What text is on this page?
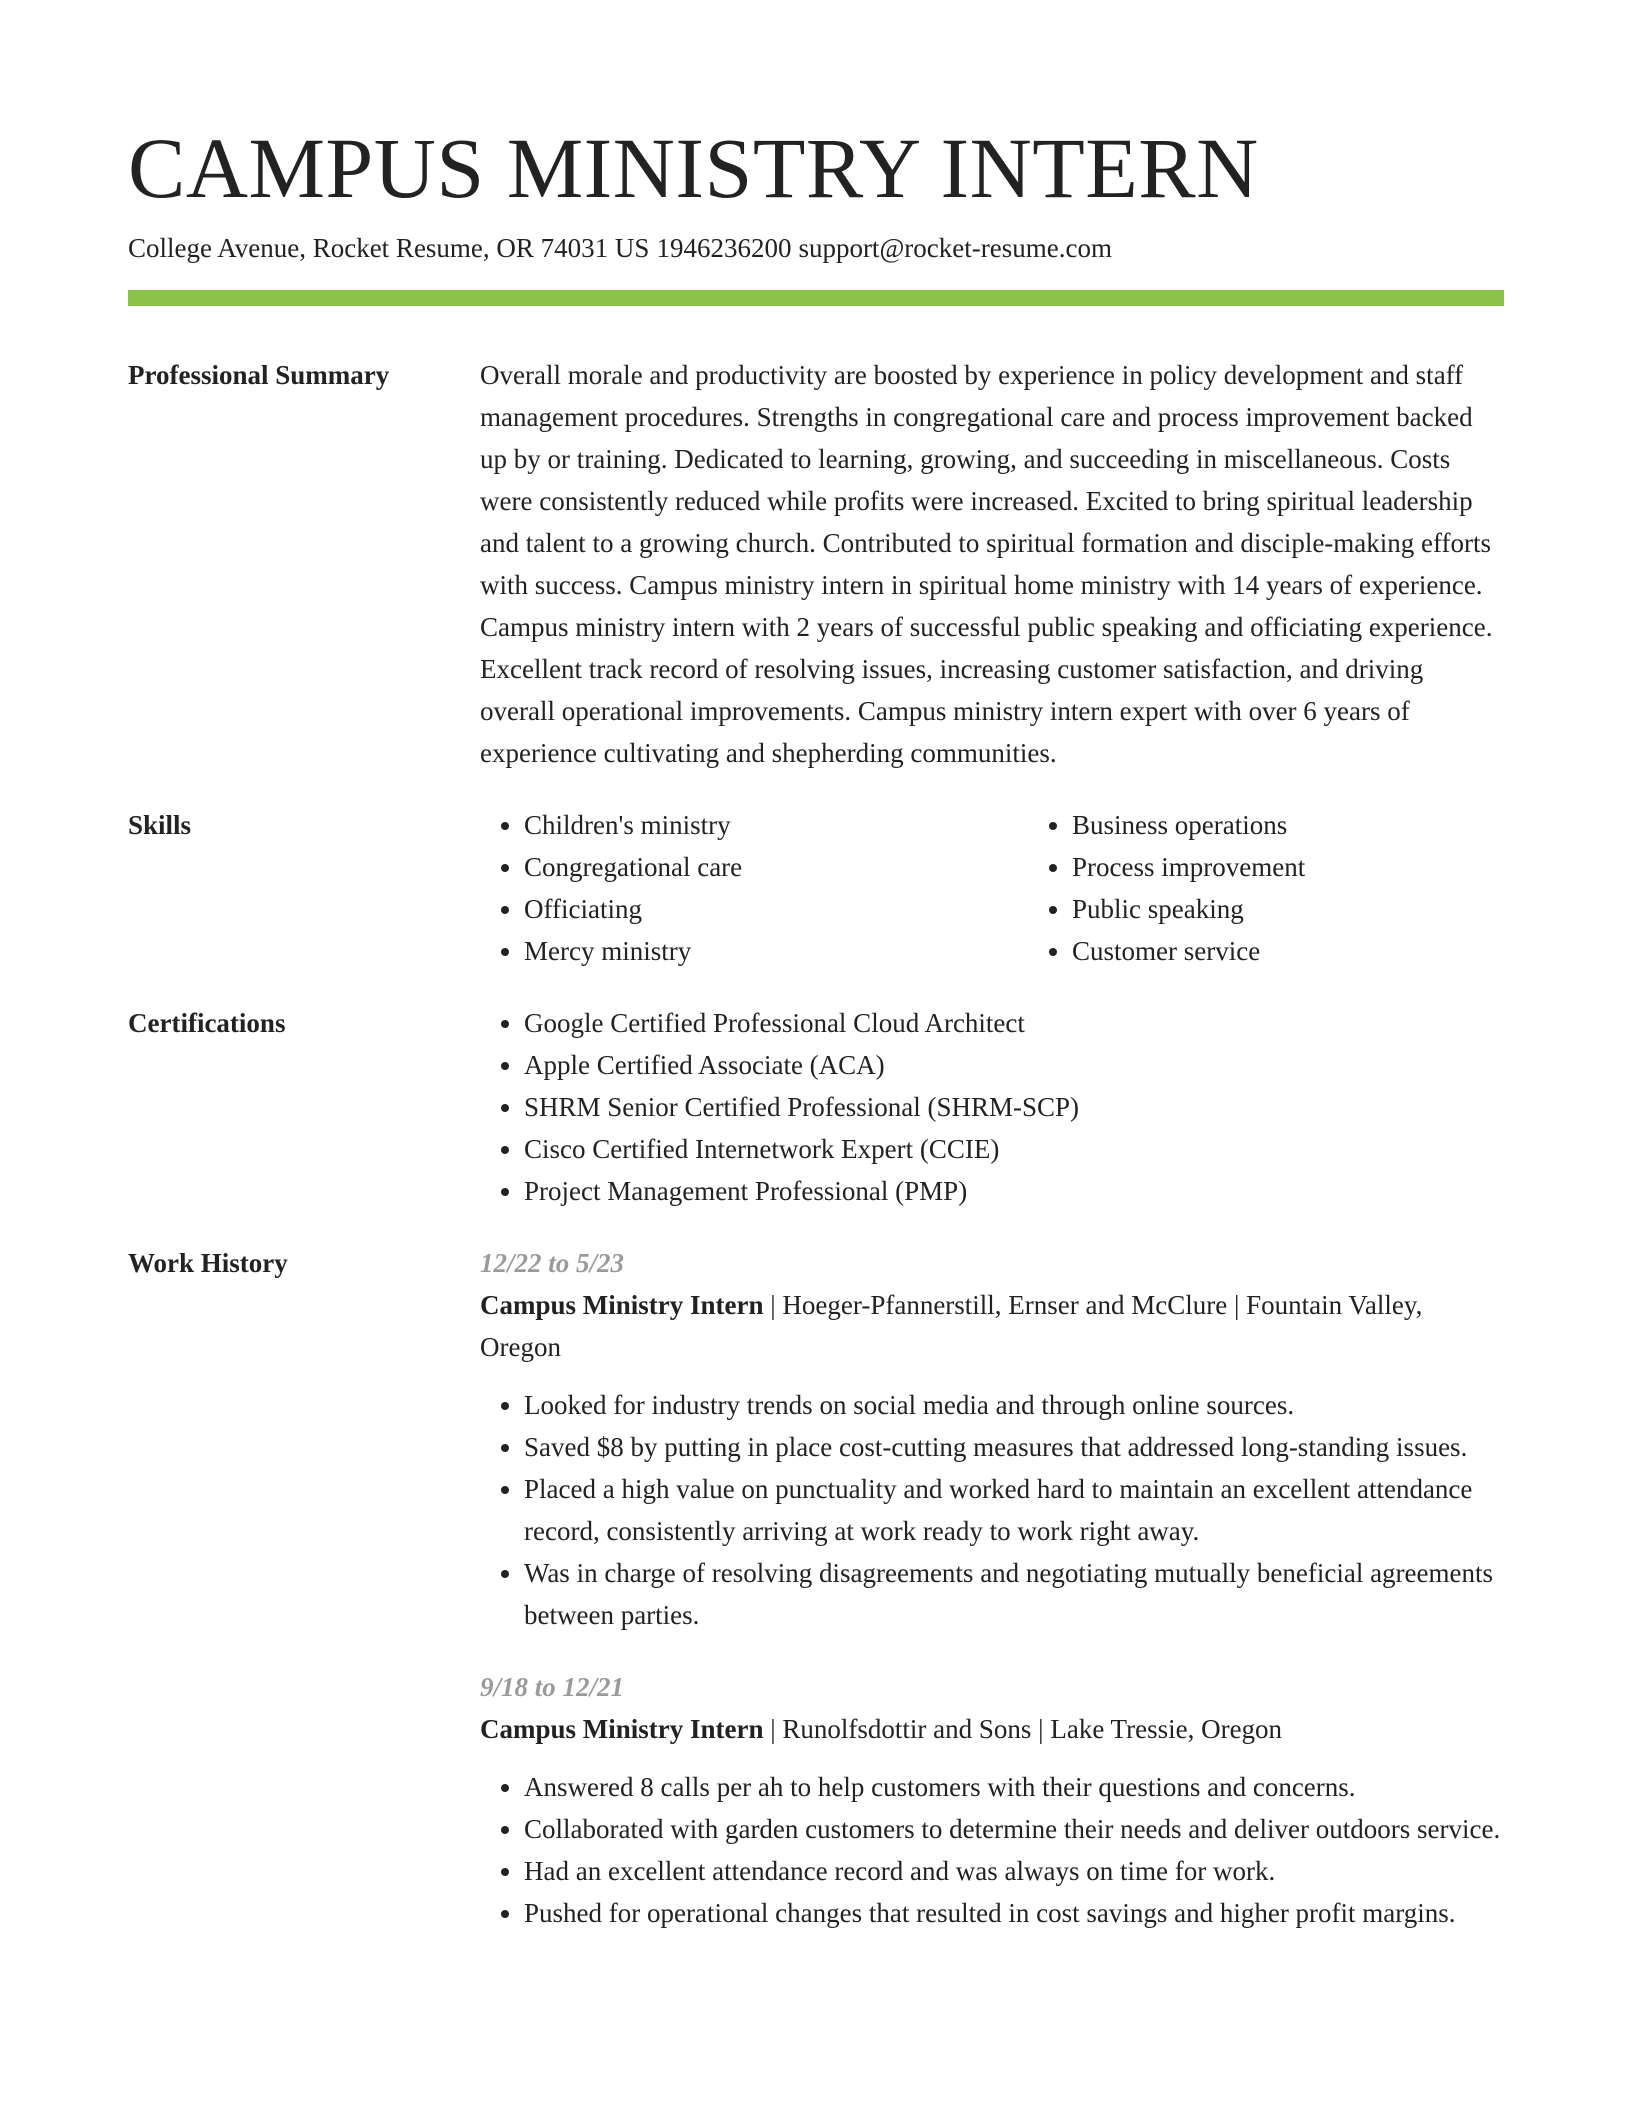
CAMPUS MINISTRY INTERN
College Avenue, Rocket Resume, OR 74031 US 1946236200 support@rocket-resume.com
Professional Summary	Overall morale and productivity are boosted by experience in policy development and staff management procedures. Strengths in congregational care and process improvement backed up by or training. Dedicated to learning, growing, and succeeding in miscellaneous. Costs were consistently reduced while profits were increased. Excited to bring spiritual leadership and talent to a growing church. Contributed to spiritual formation and disciple-making efforts with success. Campus ministry intern in spiritual home ministry with 14 years of experience. Campus ministry intern with 2 years of successful public speaking and officiating experience. Excellent track record of resolving issues, increasing customer satisfaction, and driving overall operational improvements. Campus ministry intern expert with over 6 years of experience cultivating and shepherding communities.

Skills	• Children's ministry
• Congregational care
• Officiating
• Mercy ministry
• Business operations
• Process improvement
• Public speaking
• Customer service
Certifications	• Google Certified Professional Cloud Architect
• Apple Certified Associate (ACA)
• SHRM Senior Certified Professional (SHRM-SCP)
• Cisco Certified Internetwork Expert (CCIE)
• Project Management Professional (PMP)
Work History	12/22 to 5/23
Campus Ministry Intern | Hoeger-Pfannerstill, Ernser and McClure | Fountain Valley, Oregon
• Looked for industry trends on social media and through online sources.
• Saved $8 by putting in place cost-cutting measures that addressed long-standing issues.
• Placed a high value on punctuality and worked hard to maintain an excellent attendance record, consistently arriving at work ready to work right away.
• Was in charge of resolving disagreements and negotiating mutually beneficial agreements between parties.
9/18 to 12/21
Campus Ministry Intern | Runolfsdottir and Sons | Lake Tressie, Oregon
• Answered 8 calls per ah to help customers with their questions and concerns.
• Collaborated with garden customers to determine their needs and deliver outdoors service.
• Had an excellent attendance record and was always on time for work.
• Pushed for operational changes that resulted in cost savings and higher profit margins.
